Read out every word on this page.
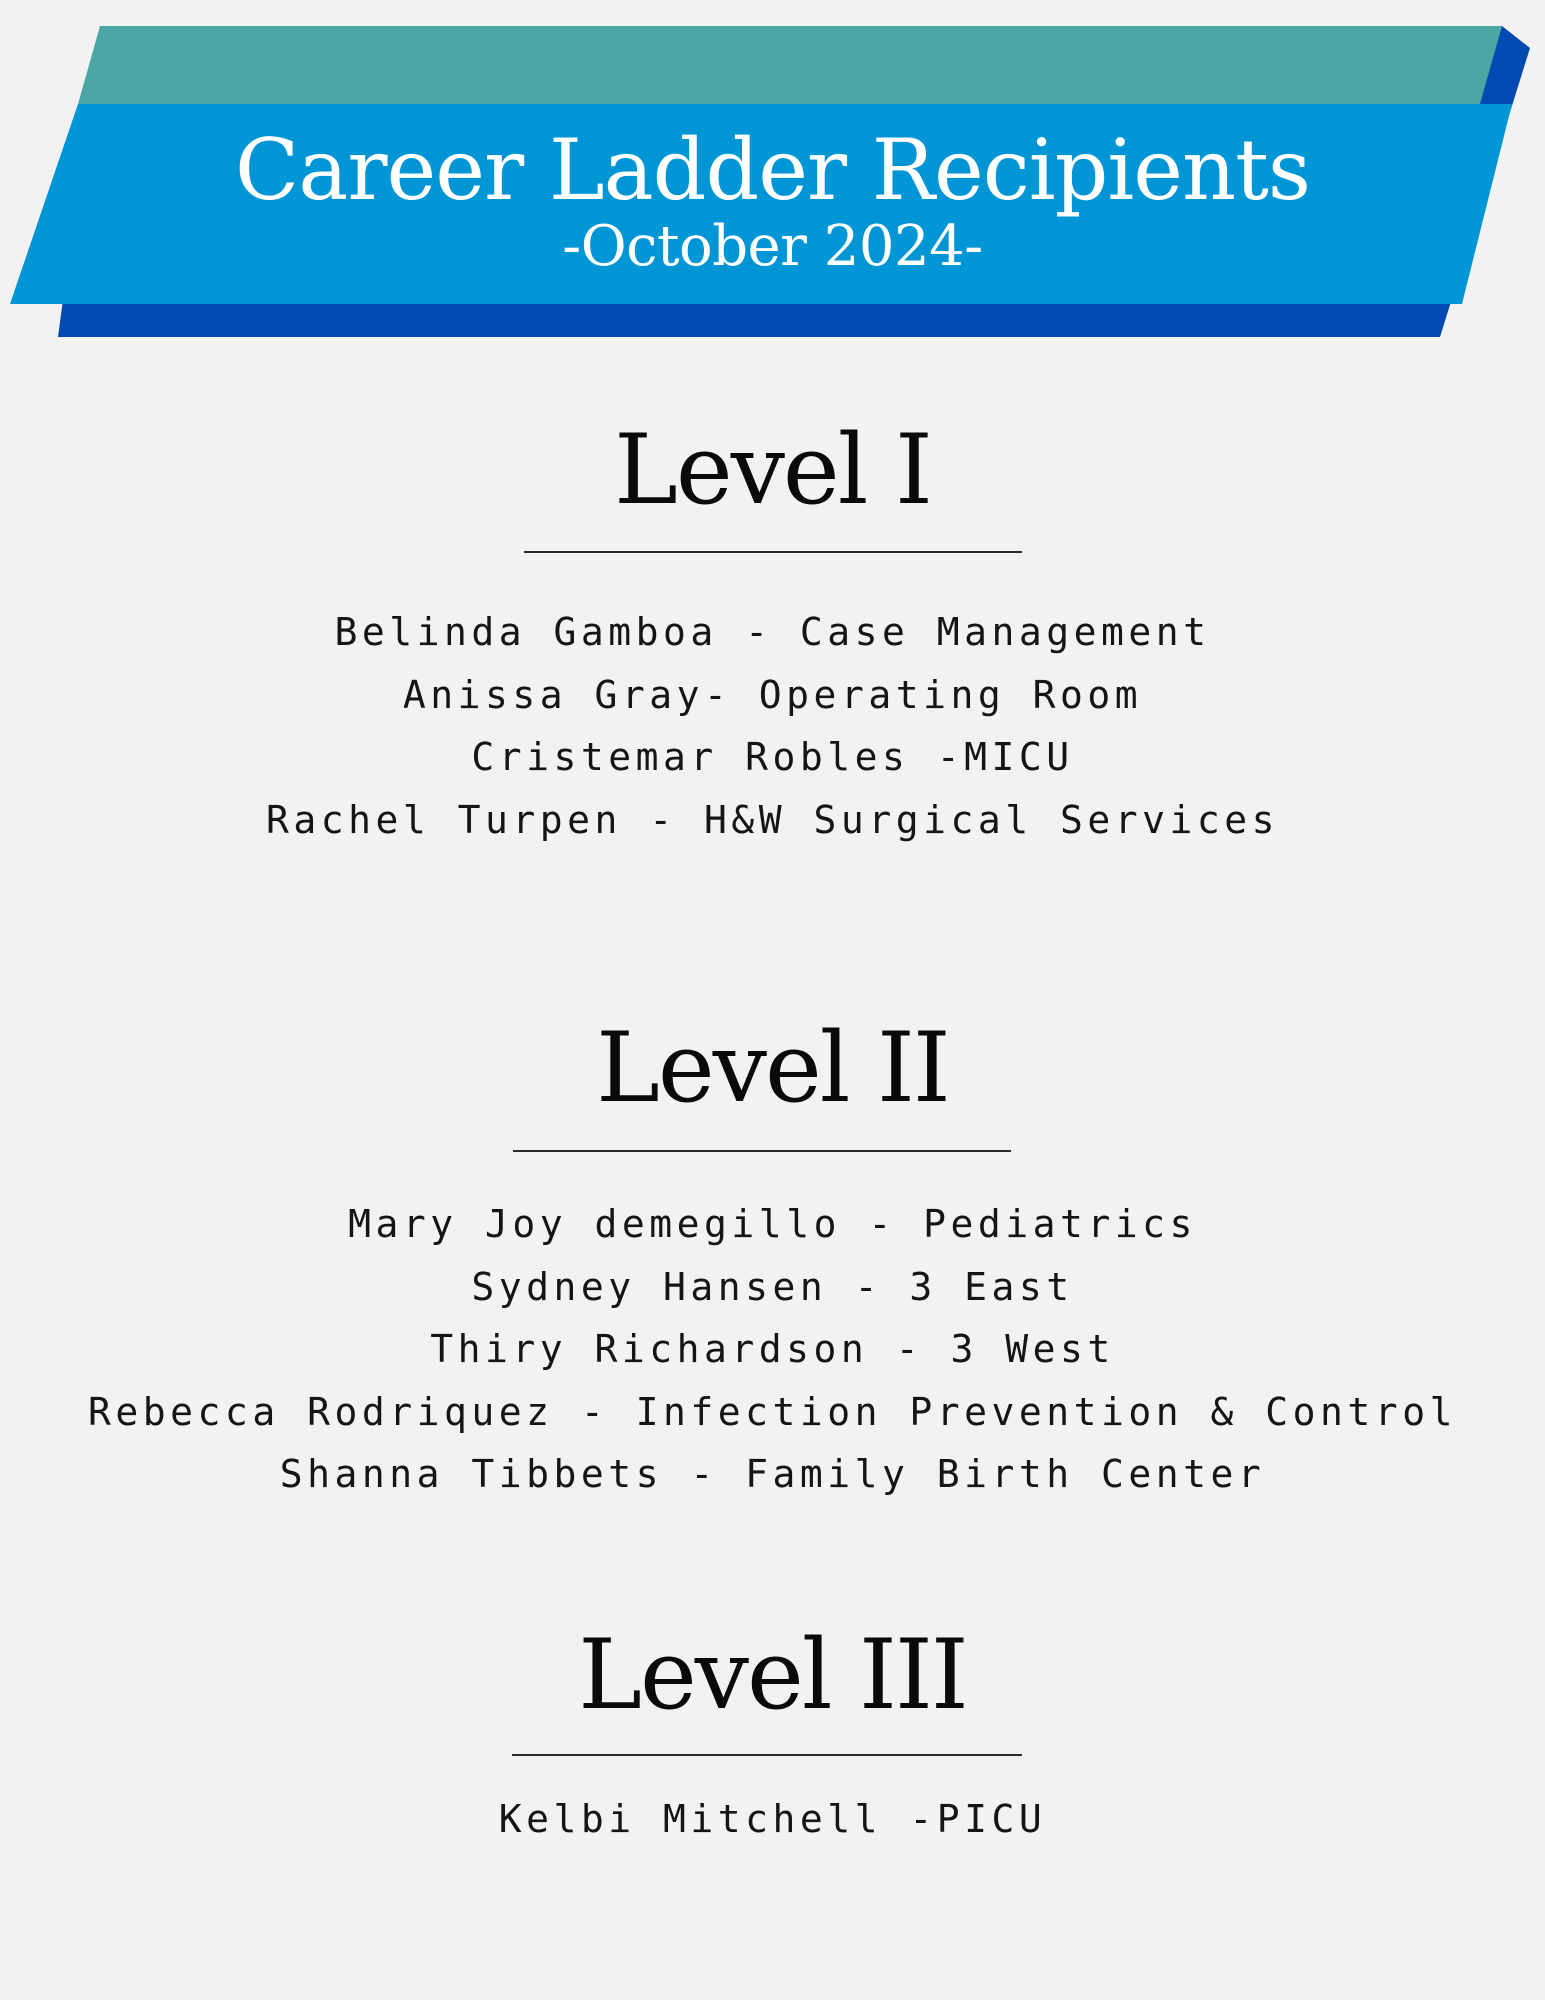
Career Ladder Recipients
-October 2024-
Level I
Belinda Gamboa - Case Management
Anissa Gray- Operating Room
Cristemar Robles -MICU
Rachel Turpen - H&W Surgical Services
Level II
Mary Joy demegillo - Pediatrics
Sydney Hansen - 3 East
Thiry Richardson - 3 West
Rebecca Rodriquez - Infection Prevention & Control
Shanna Tibbets - Family Birth Center
Level III
Kelbi Mitchell -PICU
